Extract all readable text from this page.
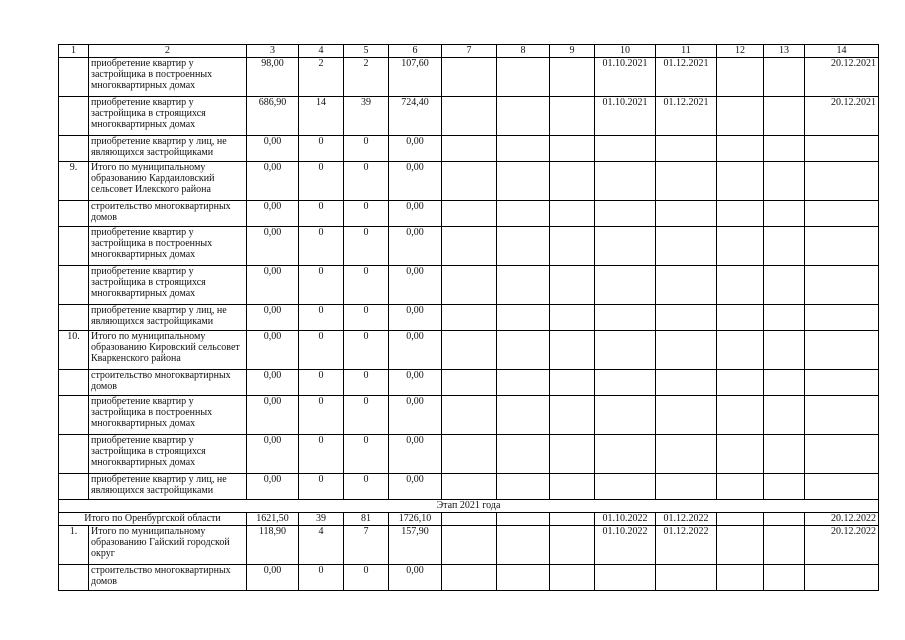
1	2	3	4	5	6	7	8	9	10	11	12	13	14
	приобретение квартир у застройщика в построенных многоквартирных домах	98,00	2	2	107,60				01.10.2021	01.12.2021			20.12.2021
	приобретение квартир у застройщика в строящихся многоквартирных домах	686,90	14	39	724,40				01.10.2021	01.12.2021			20.12.2021
	приобретение квартир у лиц, не являющихся застройщиками	0,00	0	0	0,00								
9.	Итого по муниципальному образованию Кардаиловский сельсовет Илекского района	0,00	0	0	0,00								
	строительство многоквартирных домов	0,00	0	0	0,00								
	приобретение квартир у застройщика в построенных многоквартирных домах	0,00	0	0	0,00								
	приобретение квартир у застройщика в строящихся многоквартирных домах	0,00	0	0	0,00								
	приобретение квартир у лиц, не являющихся застройщиками	0,00	0	0	0,00								
10.	Итого по муниципальному образованию Кировский сельсовет Кваркенского района	0,00	0	0	0,00								
	строительство многоквартирных домов	0,00	0	0	0,00								
	приобретение квартир у застройщика в построенных многоквартирных домах	0,00	0	0	0,00								
	приобретение квартир у застройщика в строящихся многоквартирных домах	0,00	0	0	0,00								
	приобретение квартир у лиц, не являющихся застройщиками	0,00	0	0	0,00								
Этап 2021 года													
Итого по Оренбургской области		1621,50	39	81	1726,10				01.10.2022	01.12.2022			20.12.2022
1.	Итого по муниципальному образованию Гайский городской округ	118,90	4	7	157,90				01.10.2022	01.12.2022			20.12.2022
	строительство многоквартирных домов	0,00	0	0	0,00								
